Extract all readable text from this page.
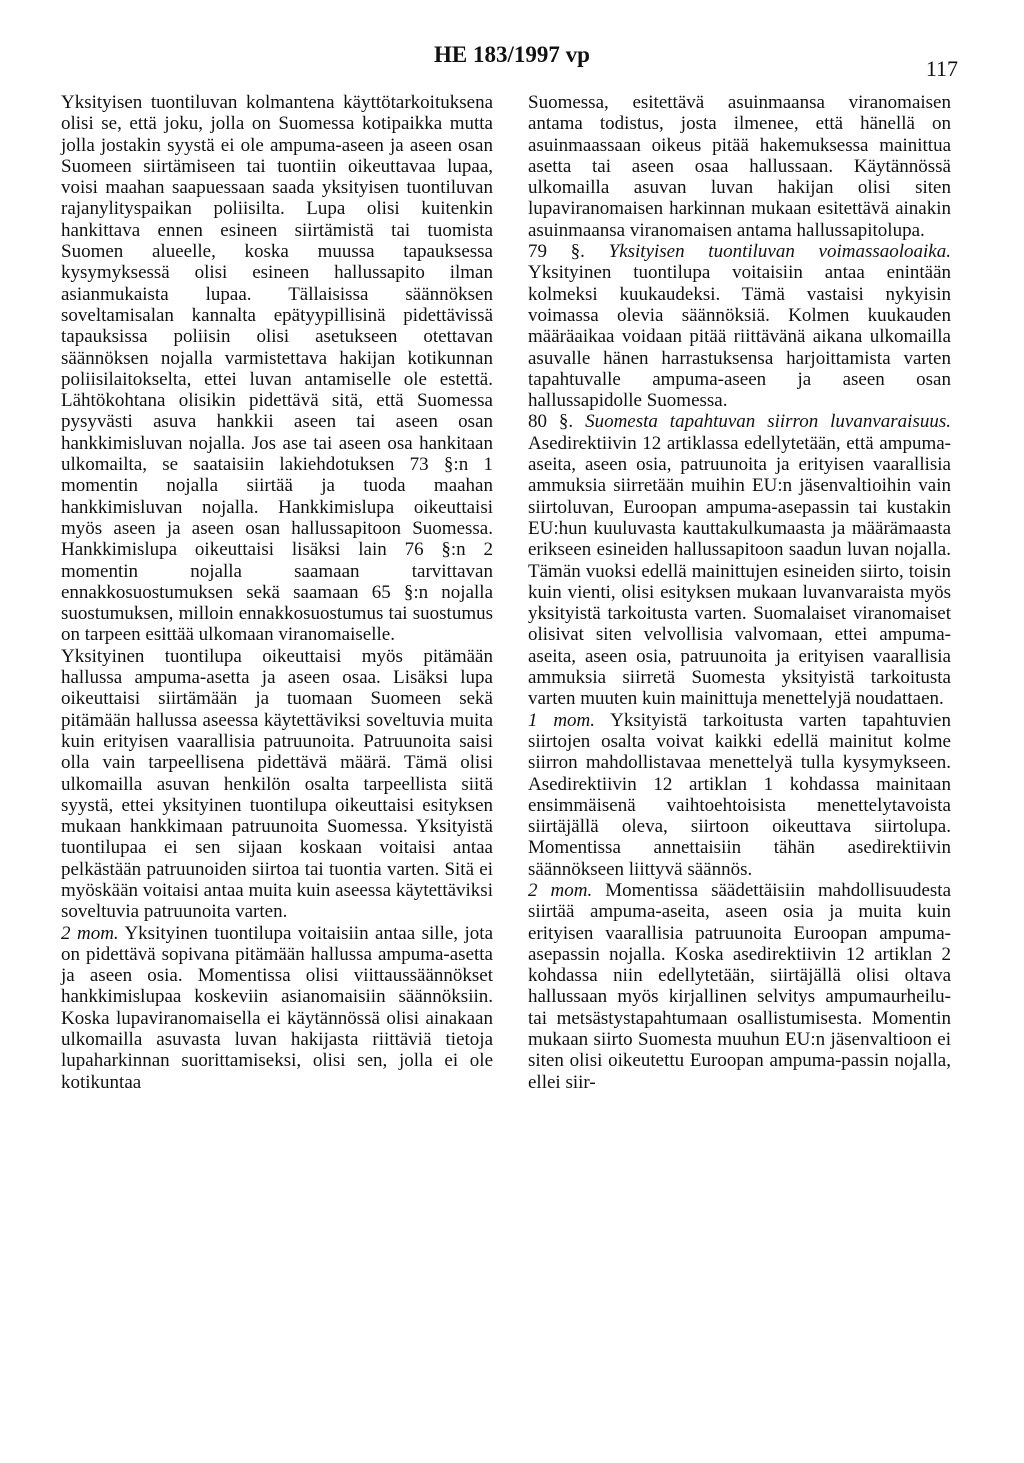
HE 183/1997 vp
117

Yksityisen tuontiluvan kolmantena käyttötarkoituksena olisi se, että joku, jolla on Suomessa kotipaikka mutta jolla jostakin syystä ei ole ampuma-aseen ja aseen osan Suomeen siirtämiseen tai tuontiin oikeuttavaa lupaa, voisi maahan saapuessaan saada yksityisen tuontiluvan rajanylityspaikan poliisilta. Lupa olisi kuitenkin hankittava ennen esineen siirtämistä tai tuomista Suomen alueelle, koska muussa tapauksessa kysymyksessä olisi esineen hallussapito ilman asianmukaista lupaa. Tällaisissa säännöksen soveltamisalan kannalta epätyypillisinä pidettävissä tapauksissa poliisin olisi asetukseen otettavan säännöksen nojalla varmistettava hakijan kotikunnan poliisilaitokselta, ettei luvan antamiselle ole estettä. Lähtökohtana olisikin pidettävä sitä, että Suomessa pysyvästi asuva hankkii aseen tai aseen osan hankkimisluvan nojalla. Jos ase tai aseen osa hankitaan ulkomailta, se saataisiin lakiehdotuksen 73 §:n 1 momentin nojalla siirtää ja tuoda maahan hankkimisluvan nojalla. Hankkimislupa oikeuttaisi myös aseen ja aseen osan hallussapitoon Suomessa. Hankkimislupa oikeuttaisi lisäksi lain 76 §:n 2 momentin nojalla saamaan tarvittavan ennakkosuostumuksen sekä saamaan 65 §:n nojalla suostumuksen, milloin ennakkosuostumus tai suostumus on tarpeen esittää ulkomaan viranomaiselle.

Yksityinen tuontilupa oikeuttaisi myös pitämään hallussa ampuma-asetta ja aseen osaa. Lisäksi lupa oikeuttaisi siirtämään ja tuomaan Suomeen sekä pitämään hallussa aseessa käytettäviksi soveltuvia muita kuin erityisen vaarallisia patruunoita. Patruunoita saisi olla vain tarpeellisena pidettävä määrä. Tämä olisi ulkomailla asuvan henkilön osalta tarpeellista siitä syystä, ettei yksityinen tuontilupa oikeuttaisi esityksen mukaan hankkimaan patruunoita Suomessa. Yksityistä tuontilupaa ei sen sijaan koskaan voitaisi antaa pelkästään patruunoiden siirtoa tai tuontia varten. Sitä ei myöskään voitaisi antaa muita kuin aseessa käytettäviksi soveltuvia patruunoita varten.

2 mom. Yksityinen tuontilupa voitaisiin antaa sille, jota on pidettävä sopivana pitämään hallussa ampuma-asetta ja aseen osia. Momentissa olisi viittaussäännökset hankkimislupaa koskeviin asianomaisiin säännöksiin. Koska lupaviranomaisella ei käytännössä olisi ainakaan ulkomailla asuvasta luvan hakijasta riittäviä tietoja lupaharkinnan suorittamiseksi, olisi sen, jolla ei ole kotikuntaa

Suomessa, esitettävä asuinmaansa viranomaisen antama todistus, josta ilmenee, että hänellä on asuinmaassaan oikeus pitää hakemuksessa mainittua asetta tai aseen osaa hallussaan. Käytännössä ulkomailla asuvan luvan hakijan olisi siten lupaviranomaisen harkinnan mukaan esitettävä ainakin asuinmaansa viranomaisen antama hallussapitolupa.

79 §. Yksityisen tuontiluvan voimassaoloaika. Yksityinen tuontilupa voitaisiin antaa enintään kolmeksi kuukaudeksi. Tämä vastaisi nykyisin voimassa olevia säännöksiä. Kolmen kuukauden määräaikaa voidaan pitää riittävänä aikana ulkomailla asuvalle hänen harrastuksensa harjoittamista varten tapahtuvalle ampuma-aseen ja aseen osan hallussapidolle Suomessa.

80 §. Suomesta tapahtuvan siirron luvanvaraisuus. Asedirektiivin 12 artiklassa edellytetään, että ampuma-aseita, aseen osia, patruunoita ja erityisen vaarallisia ammuksia siirretään muihin EU:n jäsenvaltioihin vain siirtoluvan, Euroopan ampuma-asepassin tai kustakin EU:hun kuuluvasta kauttakulkumaasta ja määrämaasta erikseen esineiden hallussapitoon saadun luvan nojalla. Tämän vuoksi edellä mainittujen esineiden siirto, toisin kuin vienti, olisi esityksen mukaan luvanvaraista myös yksityistä tarkoitusta varten. Suomalaiset viranomaiset olisivat siten velvollisia valvomaan, ettei ampuma-aseita, aseen osia, patruunoita ja erityisen vaarallisia ammuksia siirretä Suomesta yksityistä tarkoitusta varten muuten kuin mainittuja menettelyjä noudattaen.

1 mom. Yksityistä tarkoitusta varten tapahtuvien siirtojen osalta voivat kaikki edellä mainitut kolme siirron mahdollistavaa menettelyä tulla kysymykseen. Asedirektiivin 12 artiklan 1 kohdassa mainitaan ensimmäisenä vaihtoehtoisista menettelytavoista siirtäjällä oleva, siirtoon oikeuttava siirtolupa. Momentissa annettaisiin tähän asedirektiivin säännökseen liittyvä säännös.

2 mom. Momentissa säädettäisiin mahdollisuudesta siirtää ampuma-aseita, aseen osia ja muita kuin erityisen vaarallisia patruunoita Euroopan ampuma-asepassin nojalla. Koska asedirektiivin 12 artiklan 2 kohdassa niin edellytetään, siirtäjällä olisi oltava hallussaan myös kirjallinen selvitys ampumaurheilu- tai metsästystapahtumaan osallistumisesta. Momentin mukaan siirto Suomesta muuhun EU:n jäsenvaltioon ei siten olisi oikeutettu Euroopan ampuma-passin nojalla, ellei siir-
